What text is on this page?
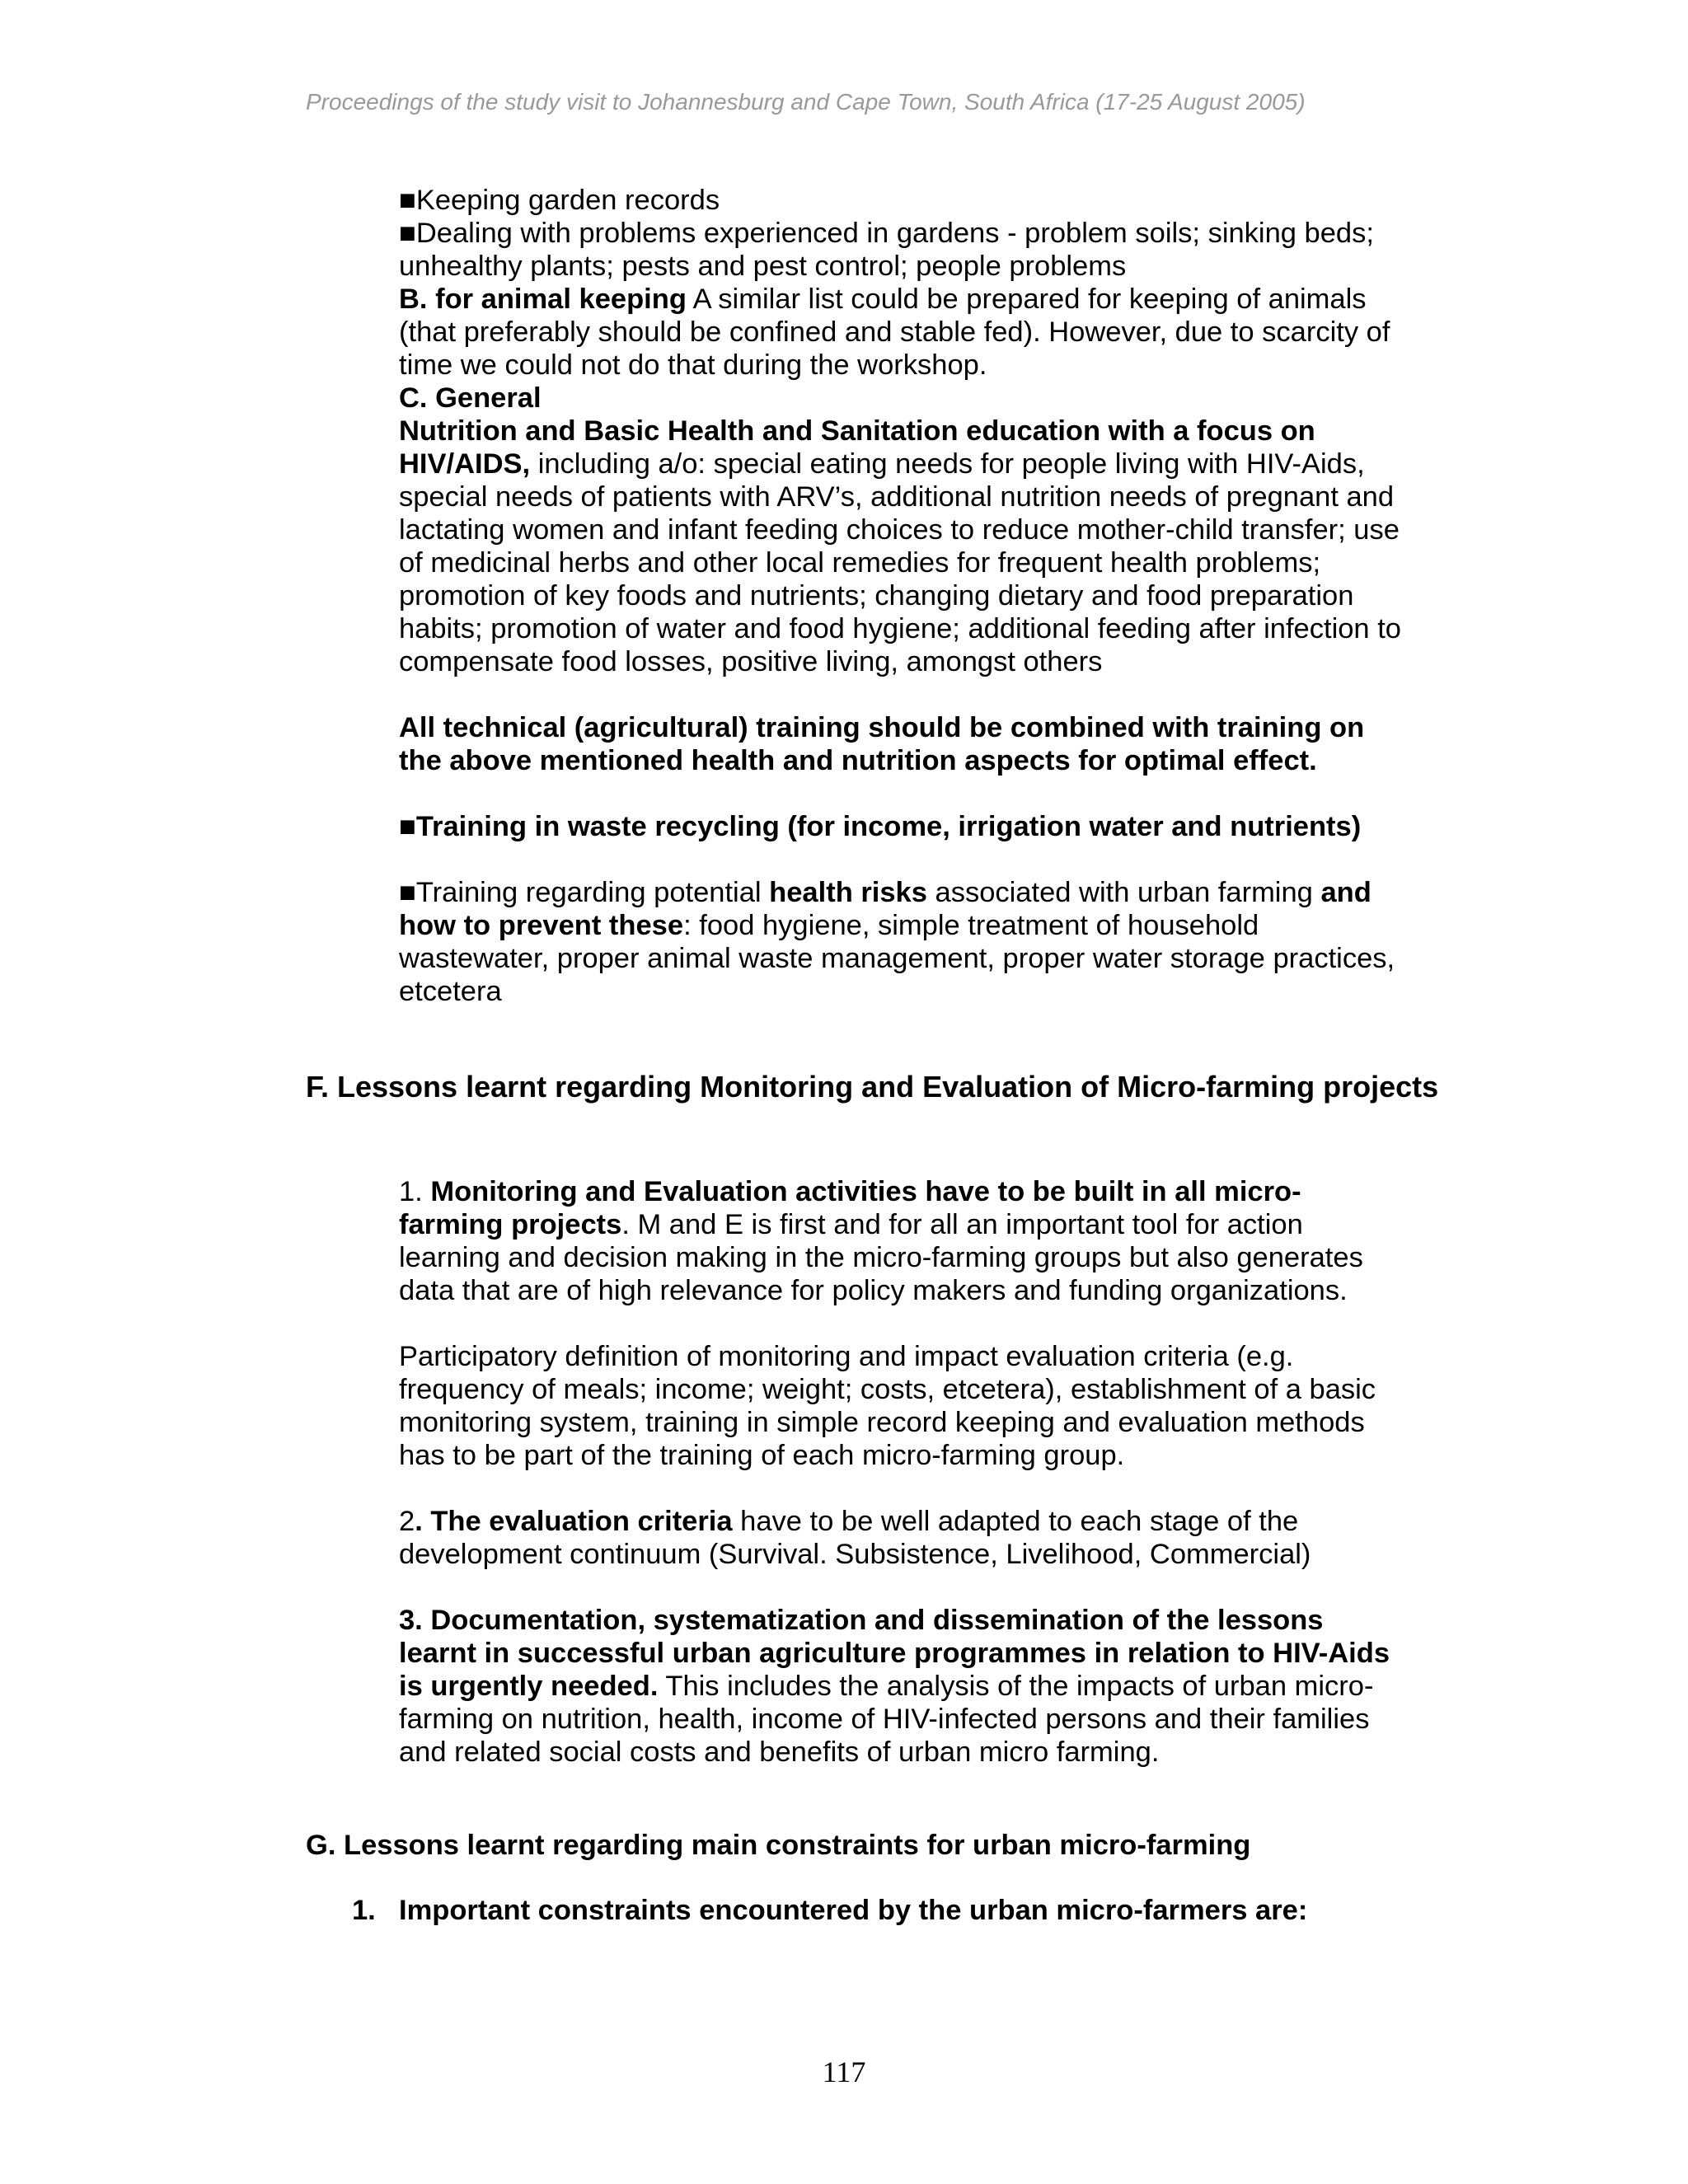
Proceedings of the study visit to Johannesburg and Cape Town, South Africa (17-25 August 2005)

■Keeping garden records

■Dealing with problems experienced in gardens - problem soils; sinking beds; unhealthy plants; pests and pest control; people problems

B. for animal keeping A similar list could be prepared for keeping of animals (that preferably should be confined and stable fed). However, due to scarcity of time we could not do that during the workshop.

C. General

Nutrition and Basic Health and Sanitation education with a focus on HIV/AIDS, including a/o: special eating needs for people living with HIV-Aids, special needs of patients with ARV’s, additional nutrition needs of pregnant and lactating women and infant feeding choices to reduce mother-child transfer; use of medicinal herbs and other local remedies for frequent health problems; promotion of key foods and nutrients; changing dietary and food preparation habits; promotion of water and food hygiene; additional feeding after infection to compensate food losses, positive living, amongst others

All technical (agricultural) training should be combined with training on the above mentioned health and nutrition aspects for optimal effect.

■Training in waste recycling (for income, irrigation water and nutrients)

■Training regarding potential health risks associated with urban farming and how to prevent these: food hygiene, simple treatment of household wastewater, proper animal waste management, proper water storage practices, etcetera

F. Lessons learnt regarding Monitoring and Evaluation of Micro-farming projects

1. Monitoring and Evaluation activities have to be built in all micro-farming projects. M and E is first and for all an important tool for action learning and decision making in the micro-farming groups but also generates data that are of high relevance for policy makers and funding organizations.

Participatory definition of monitoring and impact evaluation criteria (e.g. frequency of meals; income; weight; costs, etcetera), establishment of a basic monitoring system, training in simple record keeping and evaluation methods has to be part of the training of each micro-farming group.

2. The evaluation criteria have to be well adapted to each stage of the development continuum (Survival. Subsistence, Livelihood, Commercial)

3. Documentation, systematization and dissemination of the lessons learnt in successful urban agriculture programmes in relation to HIV-Aids is urgently needed. This includes the analysis of the impacts of urban micro-farming on nutrition, health, income of HIV-infected persons and their families and related social costs and benefits of urban micro farming.

G. Lessons learnt regarding main constraints for urban micro-farming

1. Important constraints encountered by the urban micro-farmers are:

117
